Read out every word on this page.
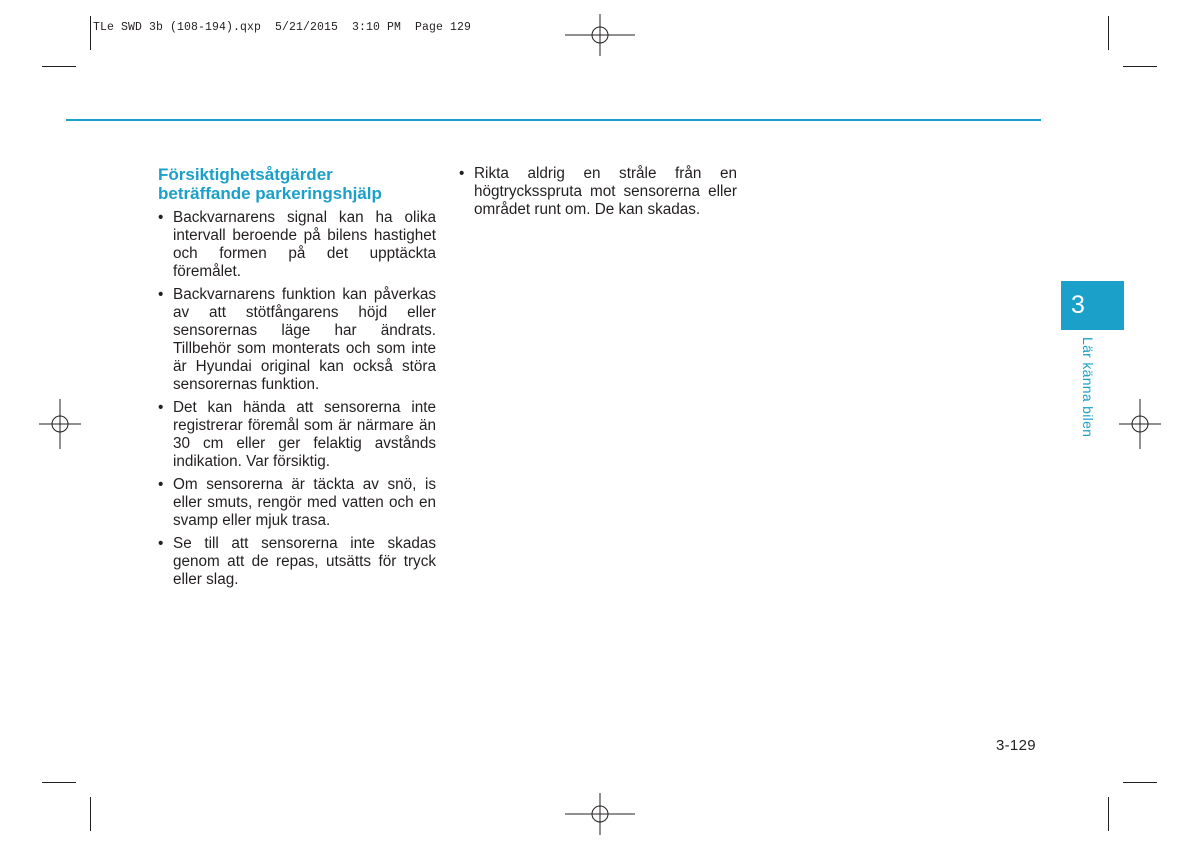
TLe SWD 3b (108-194).qxp  5/21/2015  3:10 PM  Page 129
Försiktighetsåtgärder
beträffande parkeringshjälp
• Backvarnarens signal kan ha olika intervall beroende på bilens hastighet och formen på det upptäckta föremålet.
• Backvarnarens funktion kan påverkas av att stötfångarens höjd eller sensorernas läge har ändrats. Tillbehör som monterats och som inte är Hyundai original kan också störa sensorernas funktion.
• Det kan hända att sensorerna inte registrerar föremål som är närmare än 30 cm eller ger felaktig avstånds indikation. Var försiktig.
• Om sensorerna är täckta av snö, is eller smuts, rengör med vatten och en svamp eller mjuk trasa.
• Se till att sensorerna inte skadas genom att de repas, utsätts för tryck eller slag.
• Rikta aldrig en stråle från en högtrycksspruta mot sensorerna eller området runt om. De kan skadas.
3
Lär känna bilen
3-129
